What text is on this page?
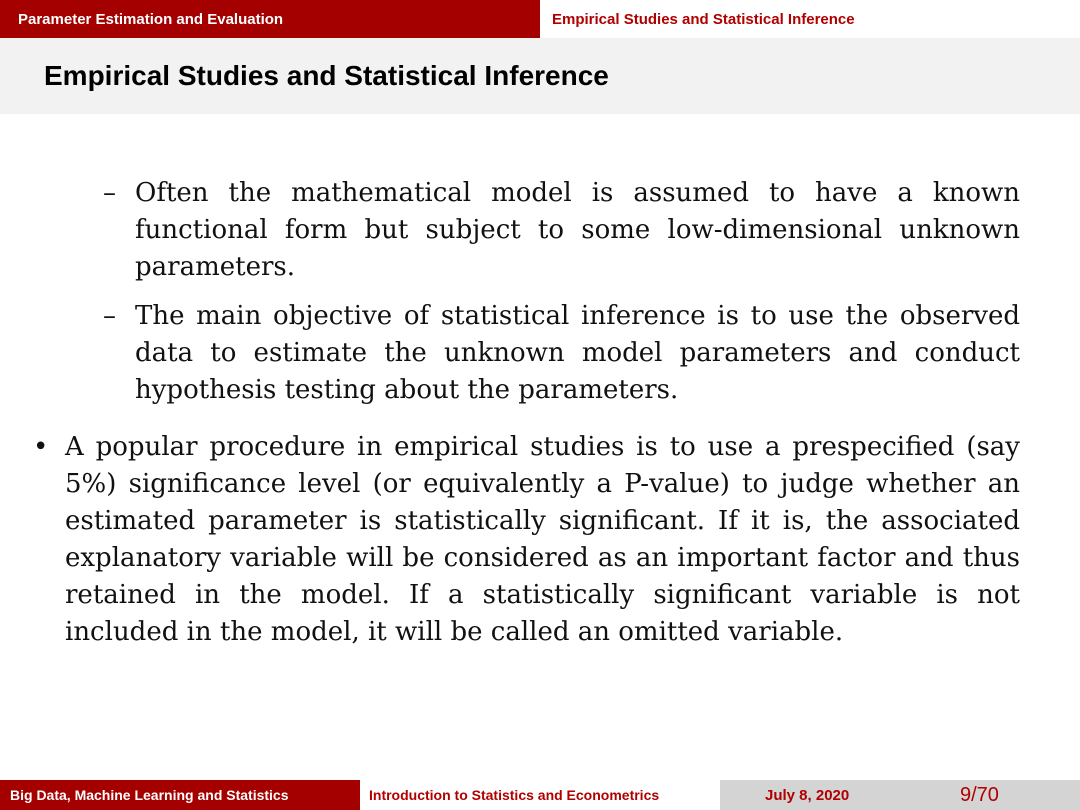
Parameter Estimation and Evaluation	Empirical Studies and Statistical Inference
Empirical Studies and Statistical Inference
– Often the mathematical model is assumed to have a known functional form but subject to some low-dimensional unknown parameters.
– The main objective of statistical inference is to use the observed data to estimate the unknown model parameters and conduct hypothesis testing about the parameters.
• A popular procedure in empirical studies is to use a prespecified (say 5%) significance level (or equivalently a P-value) to judge whether an estimated parameter is statistically significant. If it is, the associated explanatory variable will be considered as an important factor and thus retained in the model. If a statistically significant variable is not included in the model, it will be called an omitted variable.
Big Data, Machine Learning and Statistics	Introduction to Statistics and Econometrics	July 8, 2020	9/70
